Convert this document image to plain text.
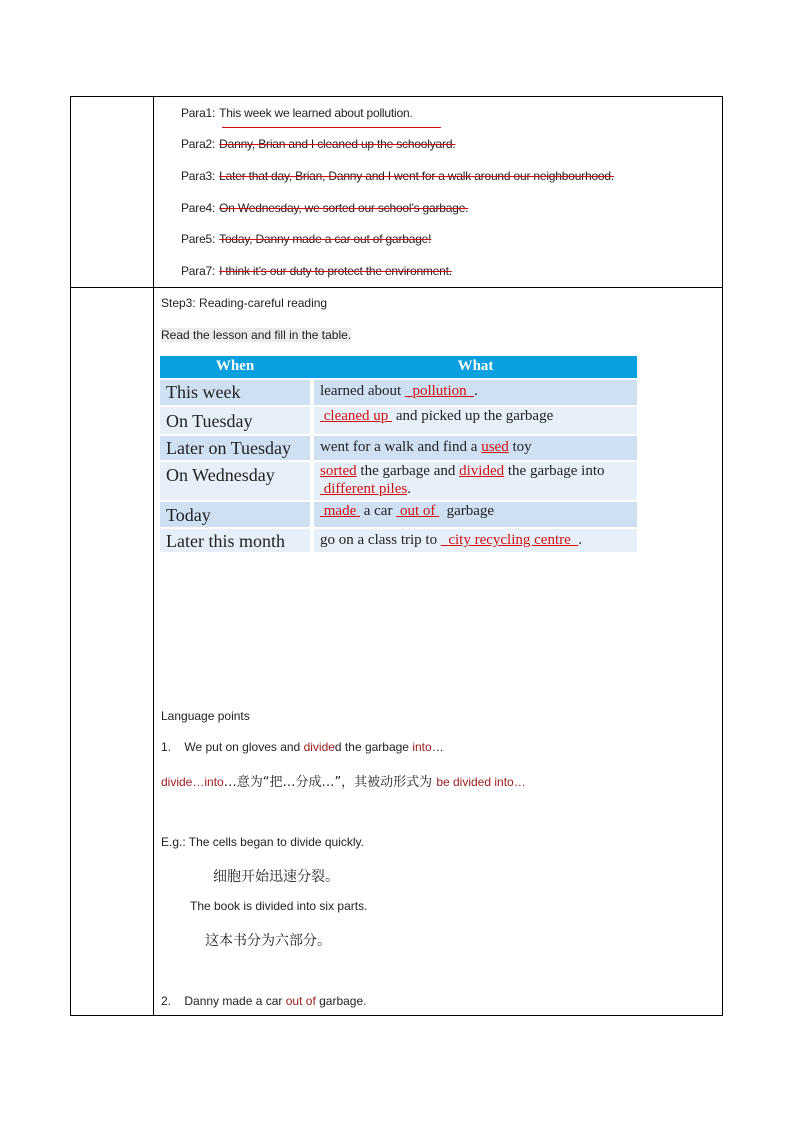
Para1: This week we learned about pollution.
Para2: Danny, Brian and I cleaned up the schoolyard.
Para3: Later that day, Brian, Danny and I went for a walk around our neighbourhood.
Pare4: On Wednesday, we sorted our school’s garbage.
Pare5: Today, Danny made a car out of garbage!
Para7: I think it’s our duty to protect the environment.
Step3: Reading-careful reading
Read the lesson and fill in the table.
When	What
This week	learned about   pollution .
On Tuesday	cleaned up  and picked up the garbage
Later on Tuesday	went for a walk and find a used toy
On Wednesday	sorted the garbage and divided the garbage into
different piles.
Today	made  a car  out of   garbage
Later this month	go on a class trip to   city recycling centre .
Language points
1. We put on gloves and divided the garbage into…
divide…into…意为“把…分成…”，其被动形式为 be divided into…
E.g.: The cells began to divide quickly.
细胞开始迅速分裂。
The book is divided into six parts.
这本书分为六部分。
2. Danny made a car out of garbage.
